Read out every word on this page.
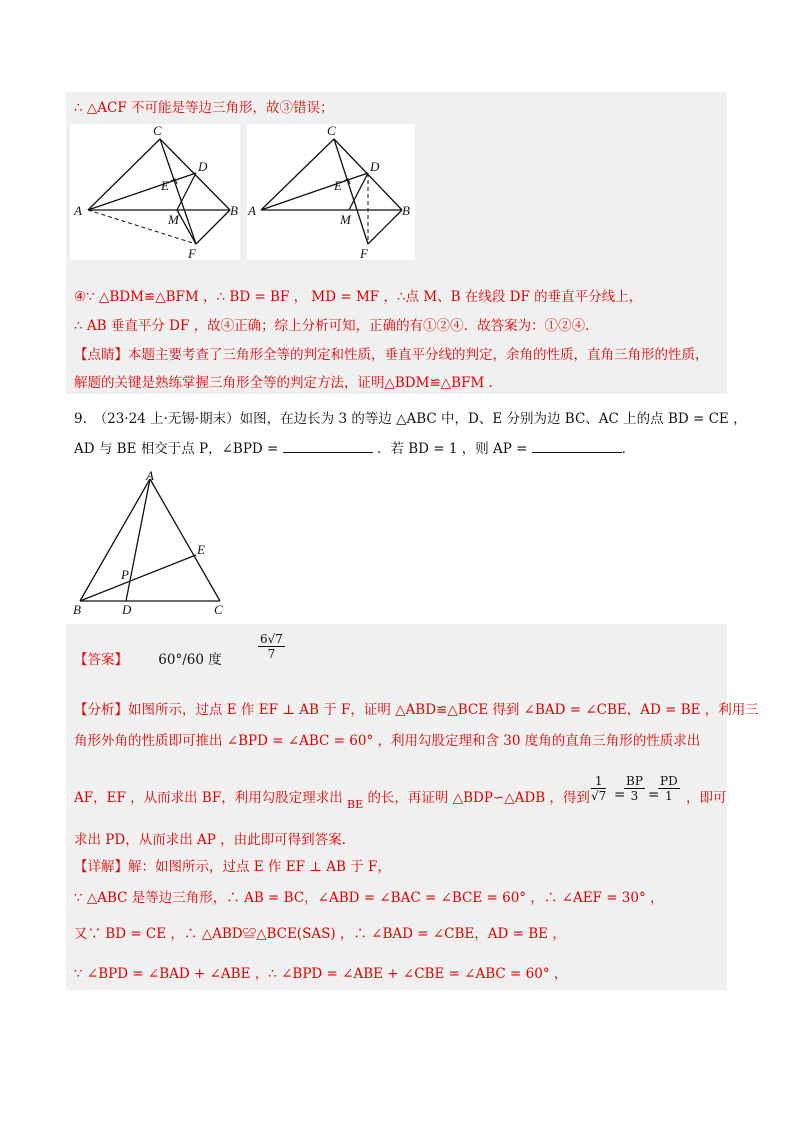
∴ △ACF 不可能是等边三角形，故③错误；
C
D
E
A	B
M
F
C
D
E
A	B
M
F
④∵ △BDM≌△BFM ，∴ BD = BF ， MD = MF ，∴点 M、B 在线段 DF 的垂直平分线上，
∴ AB 垂直平分 DF ，故④正确；综上分析可知，正确的有①②④．故答案为：①②④．
【点睛】本题主要考查了三角形全等的判定和性质，垂直平分线的判定，余角的性质，直角三角形的性质，
解题的关键是熟练掌握三角形全等的判定方法，证明△BDM≌△BFM .
9.　（23·24 上·无锡·期末）如图，在边长为 3 的等边 △ABC 中，D、E 分别为边 BC、AC 上的点 BD = CE ，
AD 与 BE 相交于点 P，∠BPD =	．若 BD = 1 ，则 AP =	．
A
E
P
B	D	C
【答案】 60°/60 度	$\frac{6√7}{7}$
【分析】如图所示，过点 E 作 EF ⊥ AB 于 F，证明 △ABD≌△BCE 得到 ∠BAD = ∠CBE，AD = BE ，利用三
角形外角的性质即可推出 ∠BPD = ∠ABC = 60° ，利用勾股定理和含 30 度角的直角三角形的性质求出
AF，EF ，从而求出 BF，利用勾股定理求出 $_{BE}$ 的长，再证明 △BDP∽△ADB ，得到 $\frac{1}{√7}$ =
$\frac{BP}{3}$ =
$\frac{PD}{1}$ ，即可
求出 PD，从而求出 AP ，由此即可得到答案.
【详解】解：如图所示，过点 E 作 EF ⊥ AB 于 F，
∵ △ABC 是等边三角形，∴ AB = BC，∠ABD = ∠BAC = ∠BCE = 60° ，∴ ∠AEF = 30° ，
又∵ BD = CE ，∴ △ABD≌△BCE(SAS) ，∴ ∠BAD = ∠CBE，AD = BE ，
∵ ∠BPD = ∠BAD + ∠ABE ，∴ ∠BPD = ∠ABE + ∠CBE = ∠ABC = 60° ，
